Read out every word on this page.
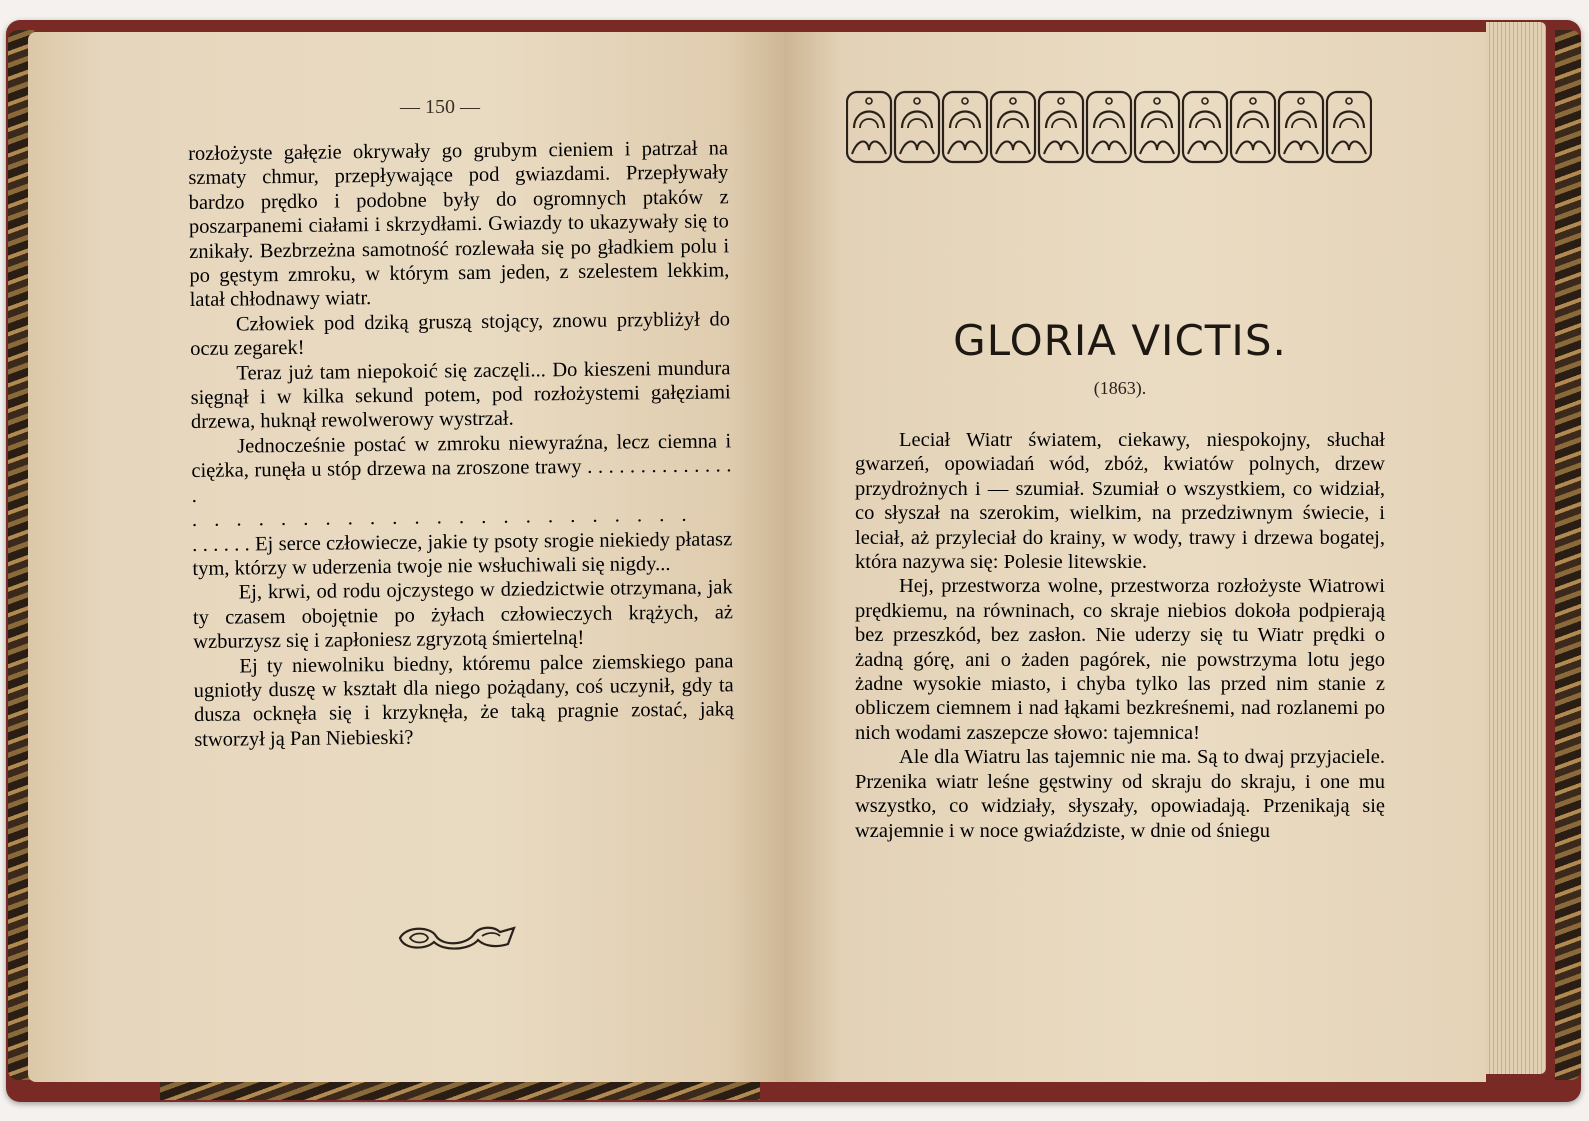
— 150 —

rozłożyste gałęzie okrywały go grubym cieniem i patrzał na szmaty chmur, przepływające pod gwiazdami. Przepływały bardzo prędko i podobne były do ogromnych ptaków z poszarpanemi ciałami i skrzydłami. Gwiazdy to ukazywały się to znikały. Bezbrzeżna samotność rozlewała się po gładkiem polu i po gęstym zmroku, w którym sam jeden, z szelestem lekkim, latał chłodnawy wiatr.

Człowiek pod dziką gruszą stojący, znowu przybliżył do oczu zegarek!

Teraz już tam niepokoić się zaczęli... Do kieszeni mundura sięgnął i w kilka sekund potem, pod rozłożystemi gałęziami drzewa, huknął rewolwerowy wystrzał.

Jednocześnie postać w zmroku niewyraźna, lecz ciemna i ciężka, runęła u stóp drzewa na zroszone trawy . . . . . . . . . . . . . . .

. . . . . . . . . . . . . . . . . . . . . . .

. . . . . . Ej serce człowiecze, jakie ty psoty srogie niekiedy płatasz tym, którzy w uderzenia twoje nie wsłuchiwali się nigdy...

Ej, krwi, od rodu ojczystego w dziedzictwie otrzymana, jak ty czasem obojętnie po żyłach człowieczych krążych, aż wzburzysz się i zapłoniesz zgryzotą śmiertelną!

Ej ty niewolniku biedny, któremu palce ziemskiego pana ugniotły duszę w kształt dla niego pożądany, coś uczynił, gdy ta dusza ocknęła się i krzyknęła, że taką pragnie zostać, jaką stworzył ją Pan Niebieski?

GLORIA VICTIS.
(1863).

Leciał Wiatr światem, ciekawy, niespokojny, słuchał gwarzeń, opowiadań wód, zbóż, kwiatów polnych, drzew przydrożnych i — szumiał. Szumiał o wszystkiem, co widział, co słyszał na szerokim, wielkim, na przedziwnym świecie, i leciał, aż przyleciał do krainy, w wody, trawy i drzewa bogatej, która nazywa się: Polesie litewskie.

Hej, przestworza wolne, przestworza rozłożyste Wiatrowi prędkiemu, na równinach, co skraje niebios dokoła podpierają bez przeszkód, bez zasłon. Nie uderzy się tu Wiatr prędki o żadną górę, ani o żaden pagórek, nie powstrzyma lotu jego żadne wysokie miasto, i chyba tylko las przed nim stanie z obliczem ciemnem i nad łąkami bezkreśnemi, nad rozlanemi po nich wodami zaszepcze słowo: tajemnica!

Ale dla Wiatru las tajemnic nie ma. Są to dwaj przyjaciele. Przenika wiatr leśne gęstwiny od skraju do skraju, i one mu wszystko, co widziały, słyszały, opowiadają. Przenikają się wzajemnie i w noce gwiaździste, w dnie od śniegu
